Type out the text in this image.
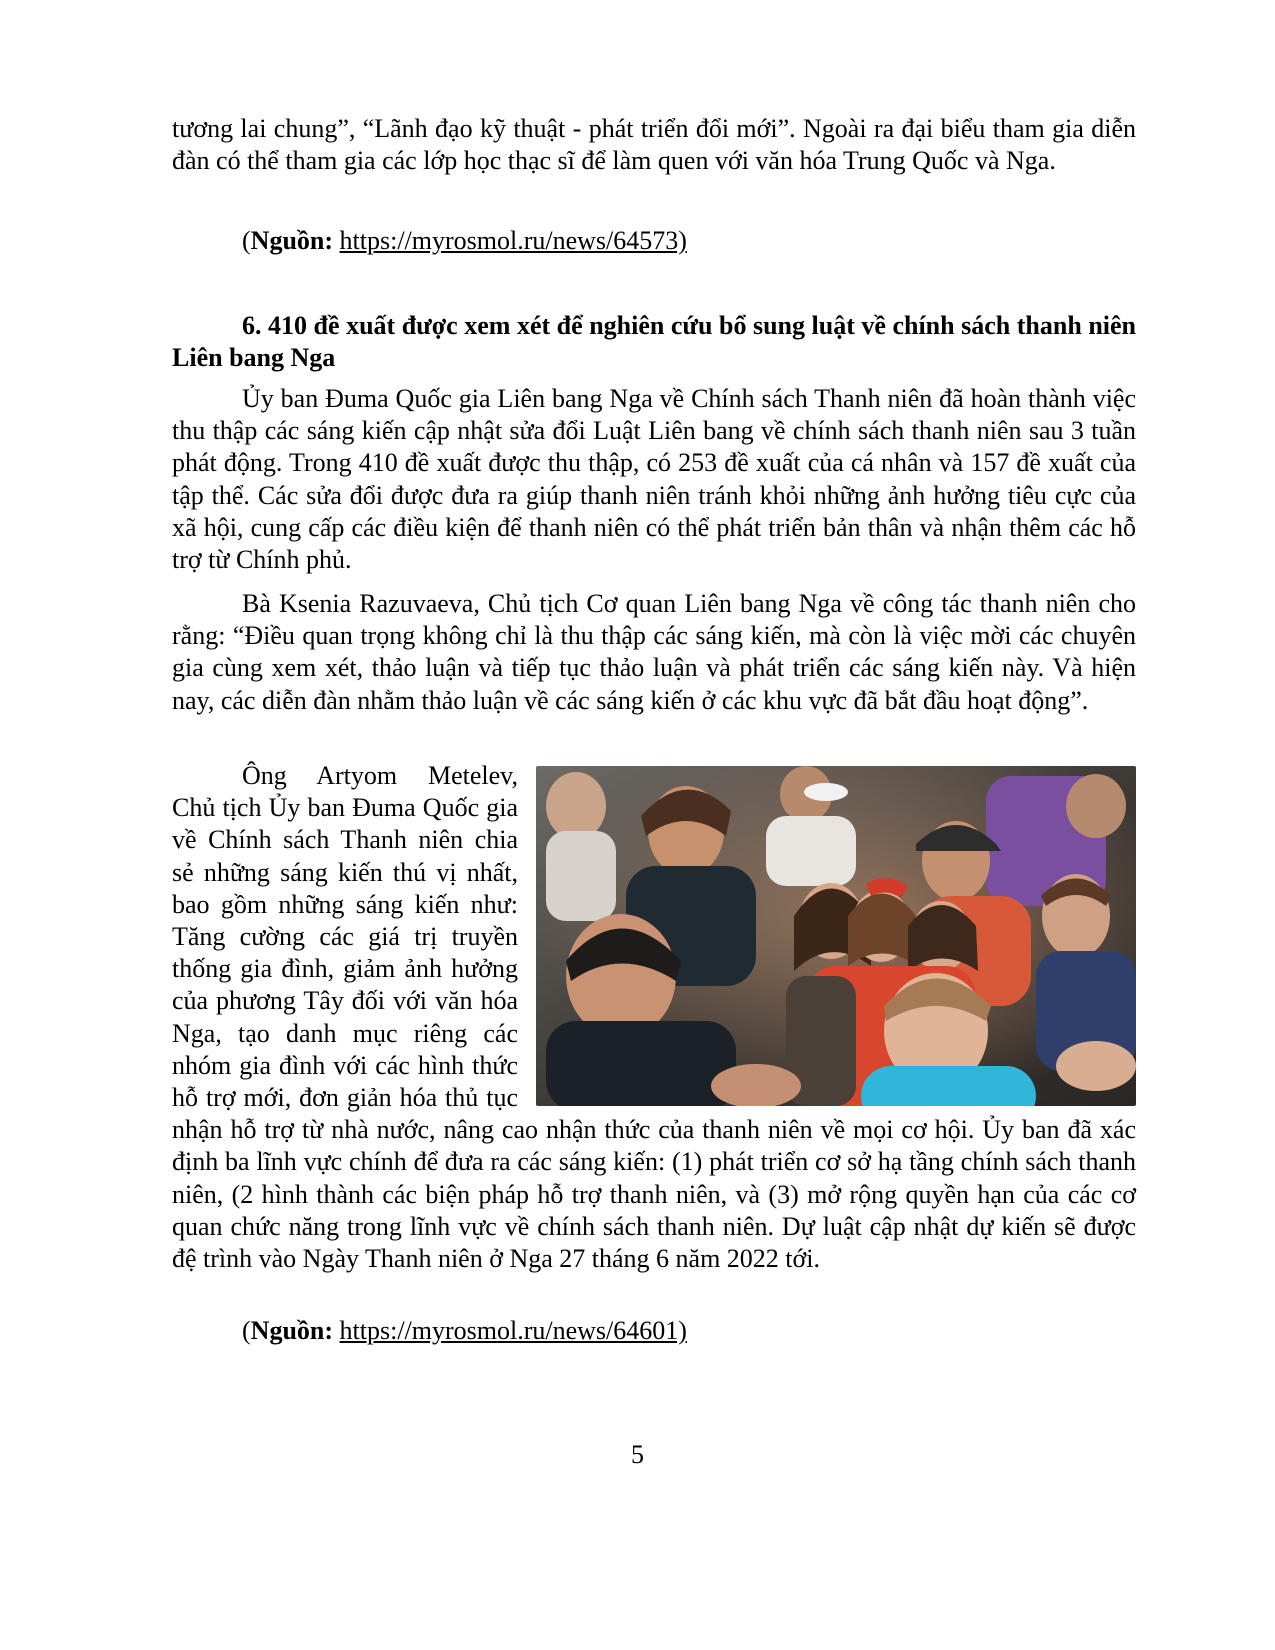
tương lai chung”, “Lãnh đạo kỹ thuật - phát triển đổi mới”. Ngoài ra đại biểu tham gia diễn đàn có thể tham gia các lớp học thạc sĩ để làm quen với văn hóa Trung Quốc và Nga.

(Nguồn: https://myrosmol.ru/news/64573)

6. 410 đề xuất được xem xét để nghiên cứu bổ sung luật về chính sách thanh niên Liên bang Nga

Ủy ban Đuma Quốc gia Liên bang Nga về Chính sách Thanh niên đã hoàn thành việc thu thập các sáng kiến cập nhật sửa đổi Luật Liên bang về chính sách thanh niên sau 3 tuần phát động. Trong 410 đề xuất được thu thập, có 253 đề xuất của cá nhân và 157 đề xuất của tập thể. Các sửa đổi được đưa ra giúp thanh niên tránh khỏi những ảnh hưởng tiêu cực của xã hội, cung cấp các điều kiện để thanh niên có thể phát triển bản thân và nhận thêm các hỗ trợ từ Chính phủ.

Bà Ksenia Razuvaeva, Chủ tịch Cơ quan Liên bang Nga về công tác thanh niên cho rằng: “Điều quan trọng không chỉ là thu thập các sáng kiến, mà còn là việc mời các chuyên gia cùng xem xét, thảo luận và tiếp tục thảo luận và phát triển các sáng kiến này. Và hiện nay, các diễn đàn nhằm thảo luận về các sáng kiến ở các khu vực đã bắt đầu hoạt động”.

Ông Artyom Metelev, Chủ tịch Ủy ban Đuma Quốc gia về Chính sách Thanh niên chia sẻ những sáng kiến thú vị nhất, bao gồm những sáng kiến như: Tăng cường các giá trị truyền thống gia đình, giảm ảnh hưởng của phương Tây đối với văn hóa Nga, tạo danh mục riêng các nhóm gia đình với các hình thức hỗ trợ mới, đơn giản hóa thủ tục nhận hỗ trợ từ nhà nước, nâng cao nhận thức của thanh niên về mọi cơ hội. Ủy ban đã xác định ba lĩnh vực chính để đưa ra các sáng kiến: (1) phát triển cơ sở hạ tầng chính sách thanh niên, (2 hình thành các biện pháp hỗ trợ thanh niên, và (3) mở rộng quyền hạn của các cơ quan chức năng trong lĩnh vực về chính sách thanh niên. Dự luật cập nhật dự kiến sẽ được đệ trình vào Ngày Thanh niên ở Nga 27 tháng 6 năm 2022 tới.

(Nguồn: https://myrosmol.ru/news/64601)

5
